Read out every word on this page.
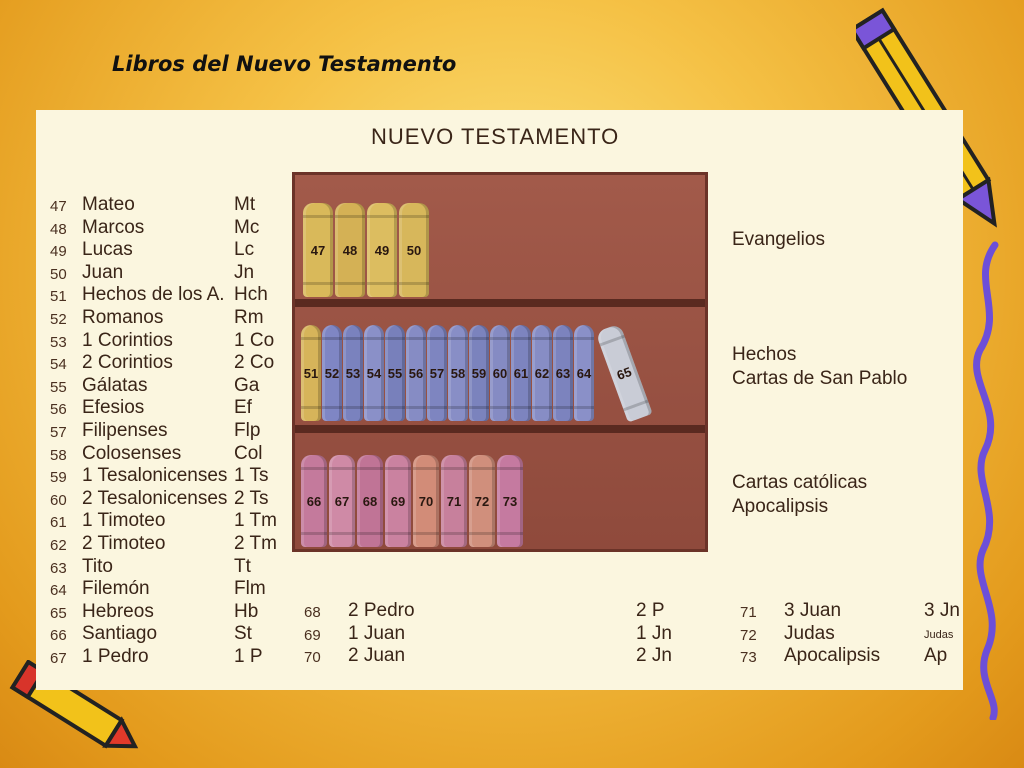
Libros del Nuevo Testamento
NUEVO TESTAMENTO
47 Mateo	Mt
48 Marcos	Mc
49 Lucas	Lc
50 Juan	Jn
51 Hechos de los A. Hch
52 Romanos	Rm
53 1 Corintios	1 Co
54 2 Corintios	2 Co
55 Gálatas	Ga
56 Efesios	Ef
57 Filipenses	Flp
58 Colosenses	Col
59 1 Tesalonicenses 1 Ts
60 2 Tesalonicenses 2 Ts
61 1 Timoteo	1 Tm
62 2 Timoteo	2 Tm
63 Tito	Tt
64 Filemón	Flm
65 Hebreos	Hb
66 Santiago	St
67 1 Pedro	1 P
47	48	49	50
51 52 53 54 55 56 57 58 59 60 61 62 63 64	65
66	67	68	69	70	71	72	73
Evangelios
Hechos
Cartas de San Pablo
Cartas católicas
Apocalipsis
68 2 Pedro	2 P
69 1 Juan	1 Jn
70 2 Juan	2 Jn
71 3 Juan	3 Jn
72 Judas	Judas
73 Apocalipsis Ap
